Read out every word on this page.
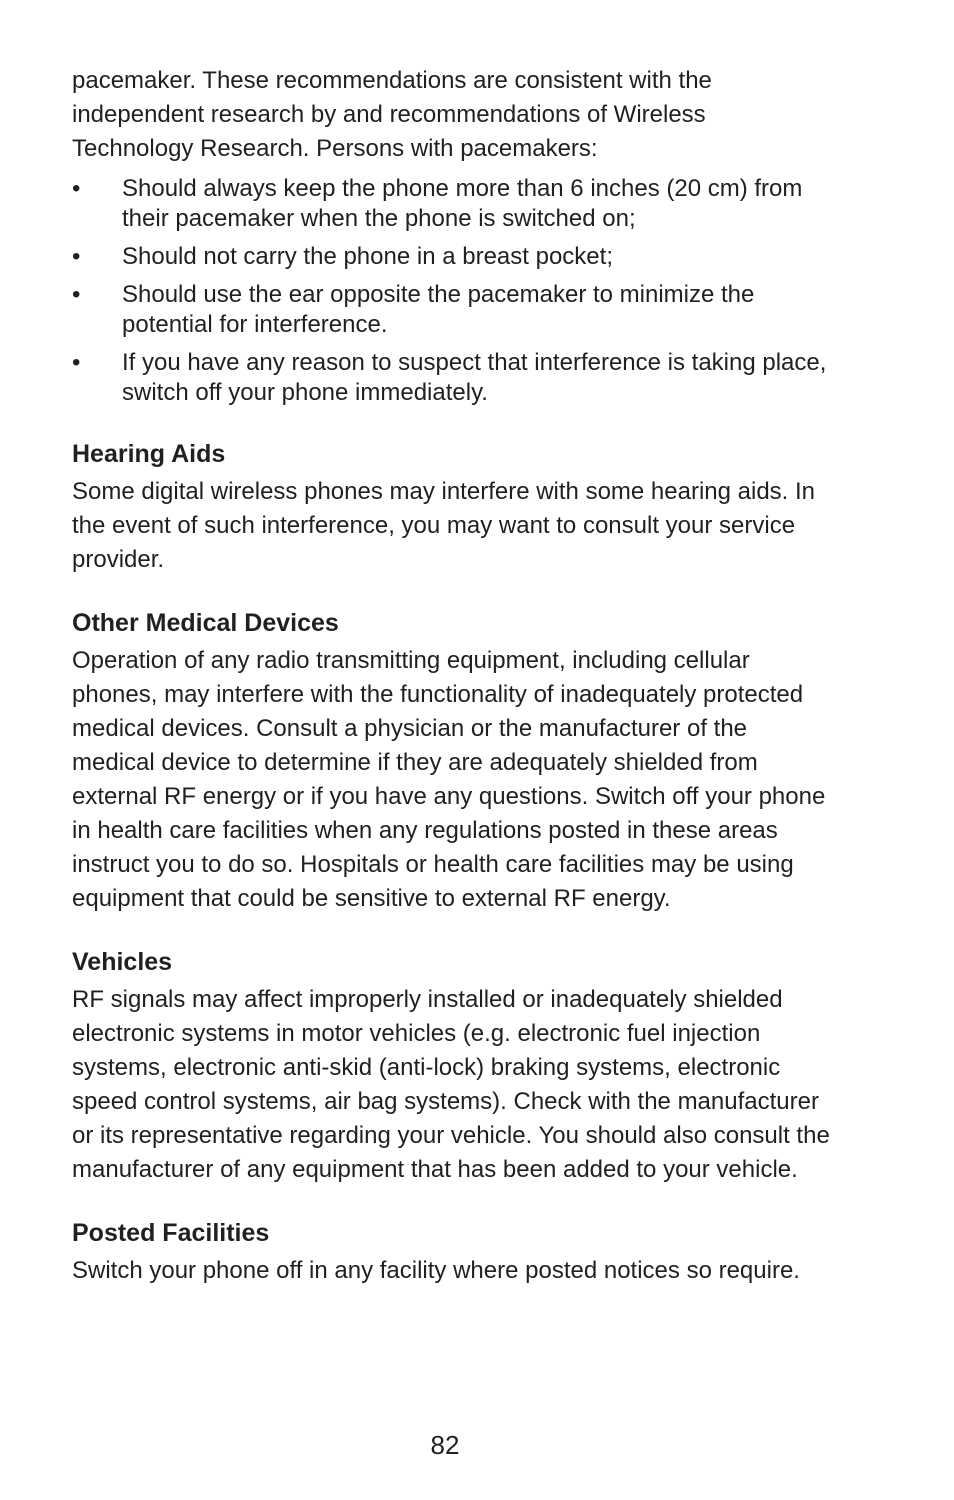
pacemaker. These recommendations are consistent with the independent research by and recommendations of Wireless Technology Research. Persons with pacemakers:

• Should always keep the phone more than 6 inches (20 cm) from their pacemaker when the phone is switched on;
• Should not carry the phone in a breast pocket;
• Should use the ear opposite the pacemaker to minimize the potential for interference.
• If you have any reason to suspect that interference is taking place, switch off your phone immediately.
Hearing Aids

Some digital wireless phones may interfere with some hearing aids. In the event of such interference, you may want to consult your service provider.

Other Medical Devices

Operation of any radio transmitting equipment, including cellular phones, may interfere with the functionality of inadequately protected medical devices. Consult a physician or the manufacturer of the medical device to determine if they are adequately shielded from external RF energy or if you have any questions. Switch off your phone in health care facilities when any regulations posted in these areas instruct you to do so. Hospitals or health care facilities may be using equipment that could be sensitive to external RF energy.

Vehicles

RF signals may affect improperly installed or inadequately shielded electronic systems in motor vehicles (e.g. electronic fuel injection systems, electronic anti-skid (anti-lock) braking systems, electronic speed control systems, air bag systems). Check with the manufacturer or its representative regarding your vehicle. You should also consult the manufacturer of any equipment that has been added to your vehicle.

Posted Facilities

Switch your phone off in any facility where posted notices so require.

82
